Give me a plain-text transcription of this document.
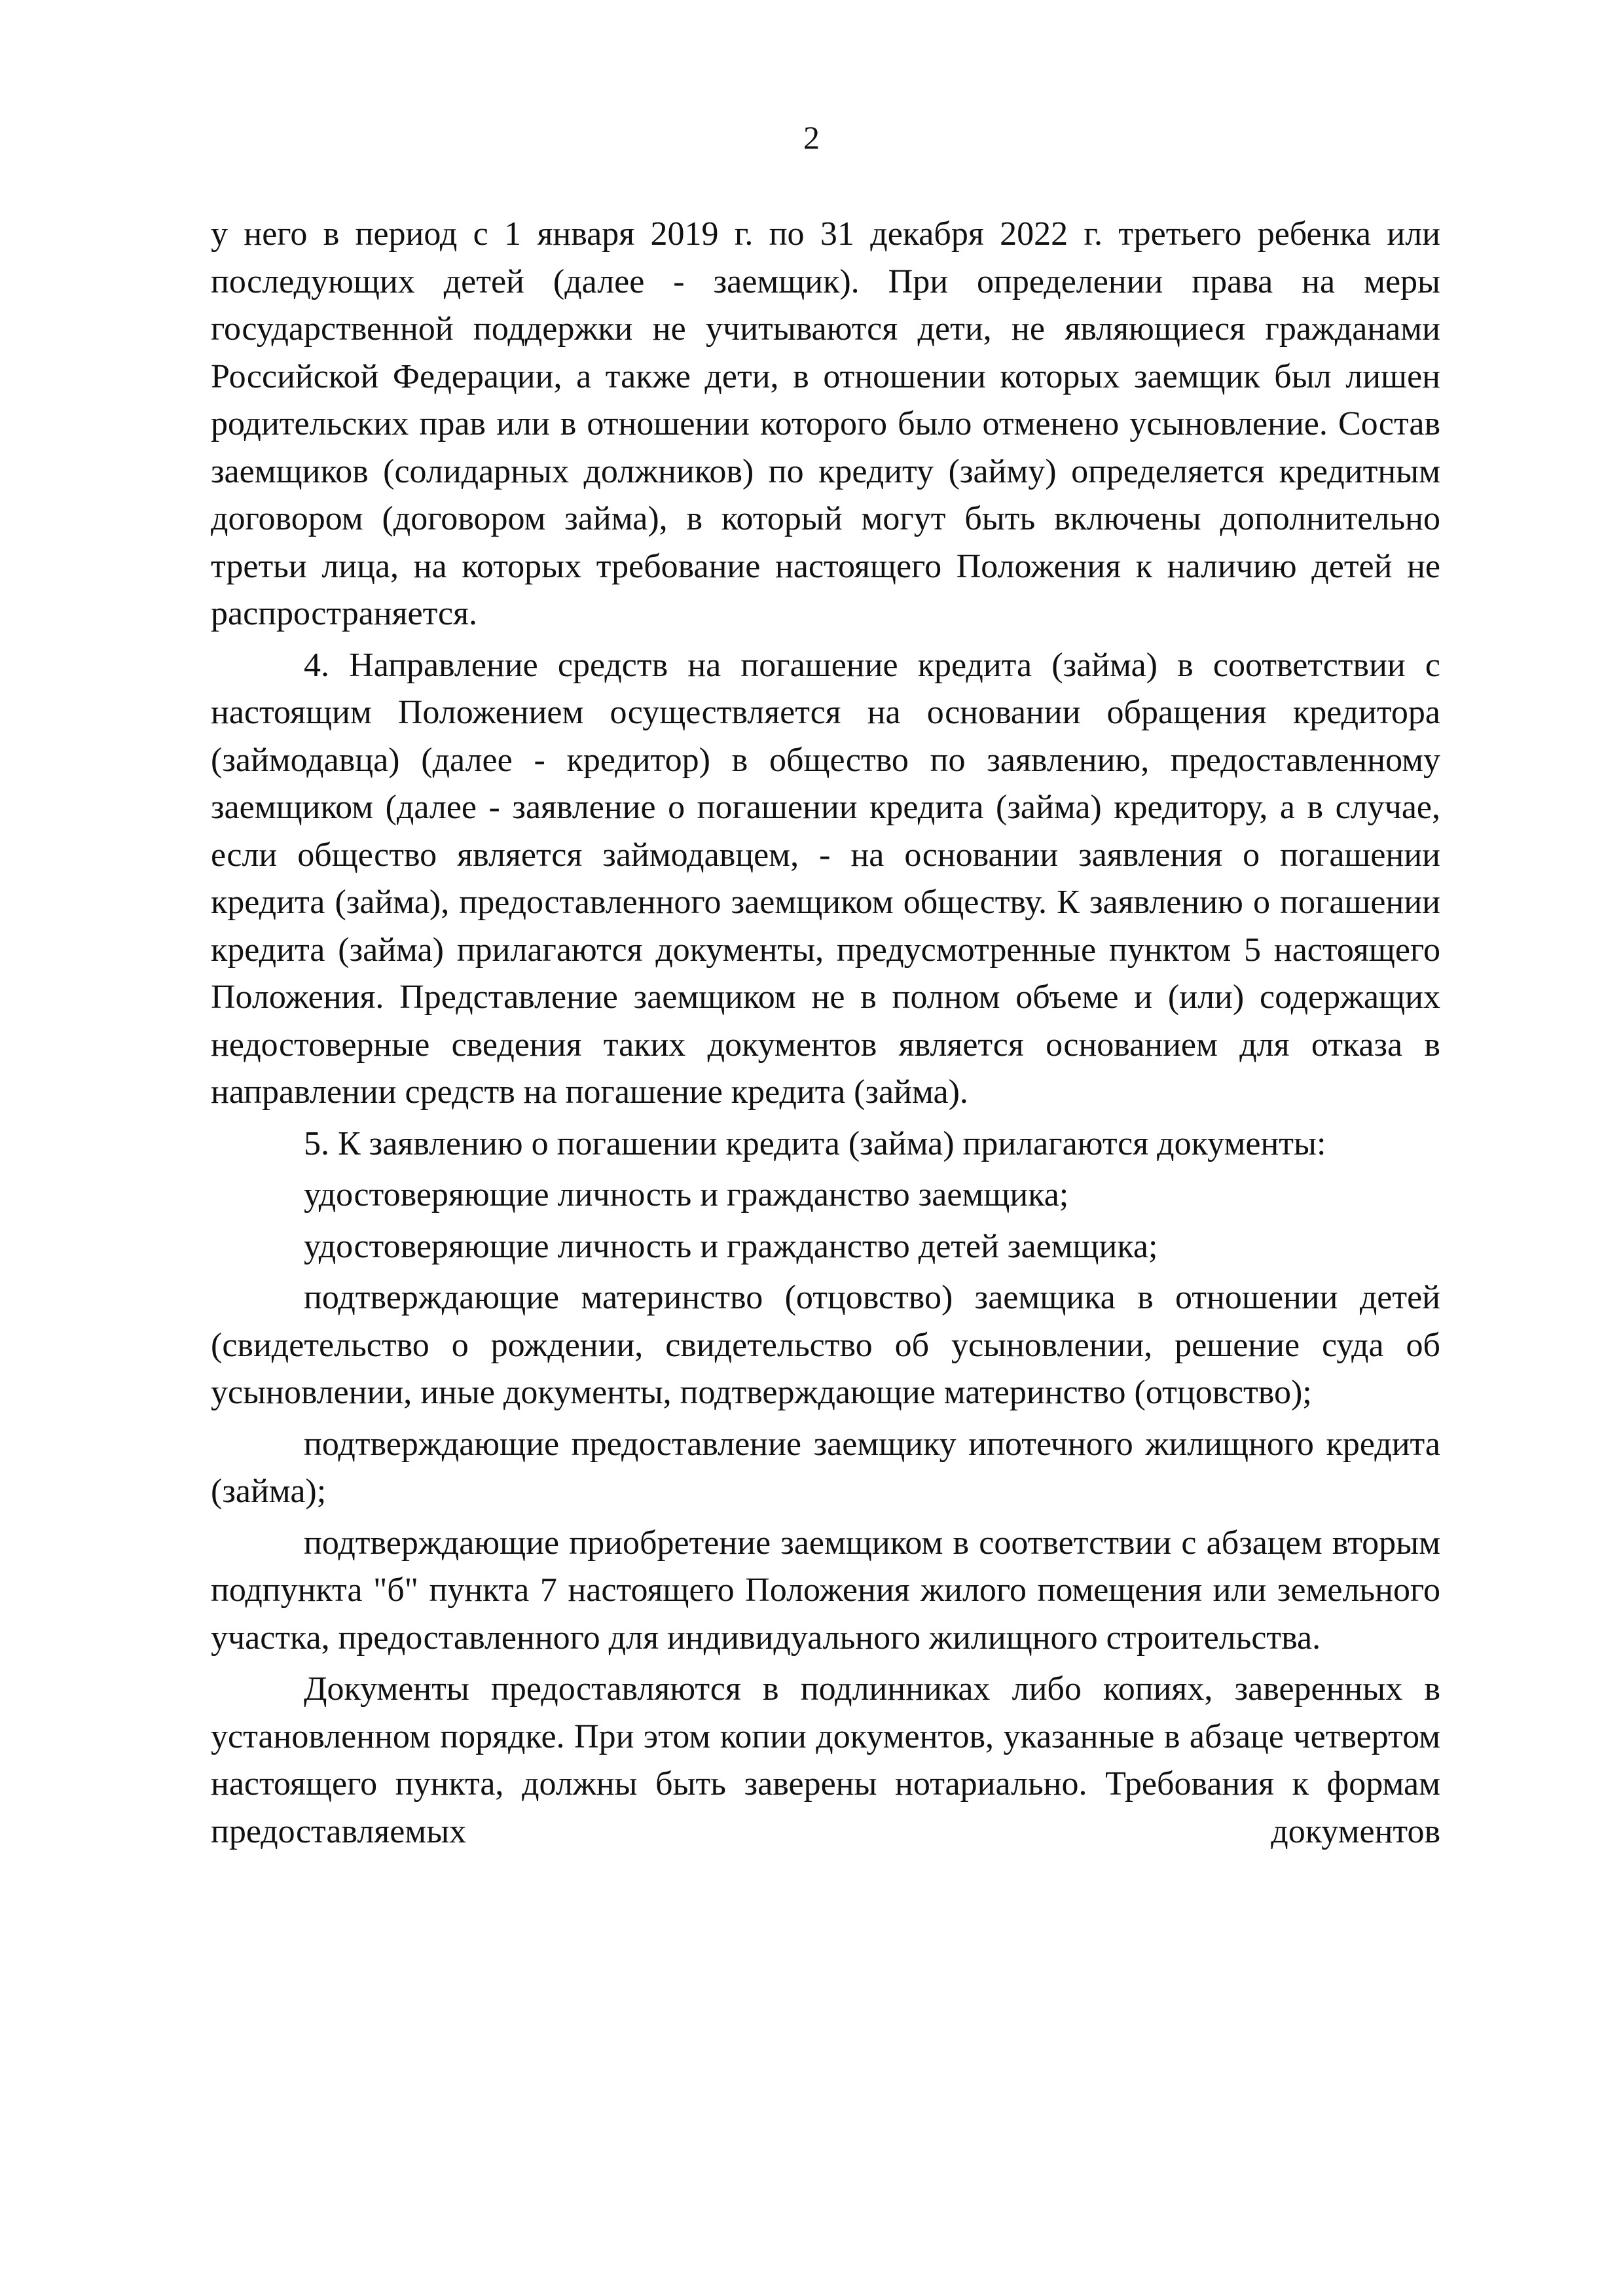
2

у него в период с 1 января 2019 г. по 31 декабря 2022 г. третьего ребенка или последующих детей (далее - заемщик). При определении права на меры государственной поддержки не учитываются дети, не являющиеся гражданами Российской Федерации, а также дети, в отношении которых заемщик был лишен родительских прав или в отношении которого было отменено усыновление. Состав заемщиков (солидарных должников) по кредиту (займу) определяется кредитным договором (договором займа), в который могут быть включены дополнительно третьи лица, на которых требование настоящего Положения к наличию детей не распространяется.

4. Направление средств на погашение кредита (займа) в соответствии с настоящим Положением осуществляется на основании обращения кредитора (займодавца) (далее - кредитор) в общество по заявлению, предоставленному заемщиком (далее - заявление о погашении кредита (займа) кредитору, а в случае, если общество является займодавцем, - на основании заявления о погашении кредита (займа), предоставленного заемщиком обществу. К заявлению о погашении кредита (займа) прилагаются документы, предусмотренные пунктом 5 настоящего Положения. Представление заемщиком не в полном объеме и (или) содержащих недостоверные сведения таких документов является основанием для отказа в направлении средств на погашение кредита (займа).

5. К заявлению о погашении кредита (займа) прилагаются документы:

удостоверяющие личность и гражданство заемщика;

удостоверяющие личность и гражданство детей заемщика;

подтверждающие материнство (отцовство) заемщика в отношении детей (свидетельство о рождении, свидетельство об усыновлении, решение суда об усыновлении, иные документы, подтверждающие материнство (отцовство);

подтверждающие предоставление заемщику ипотечного жилищного кредита (займа);

подтверждающие приобретение заемщиком в соответствии с абзацем вторым подпункта "б" пункта 7 настоящего Положения жилого помещения или земельного участка, предоставленного для индивидуального жилищного строительства.

Документы предоставляются в подлинниках либо копиях, заверенных в установленном порядке. При этом копии документов, указанные в абзаце четвертом настоящего пункта, должны быть заверены нотариально. Требования к формам предоставляемых документов
